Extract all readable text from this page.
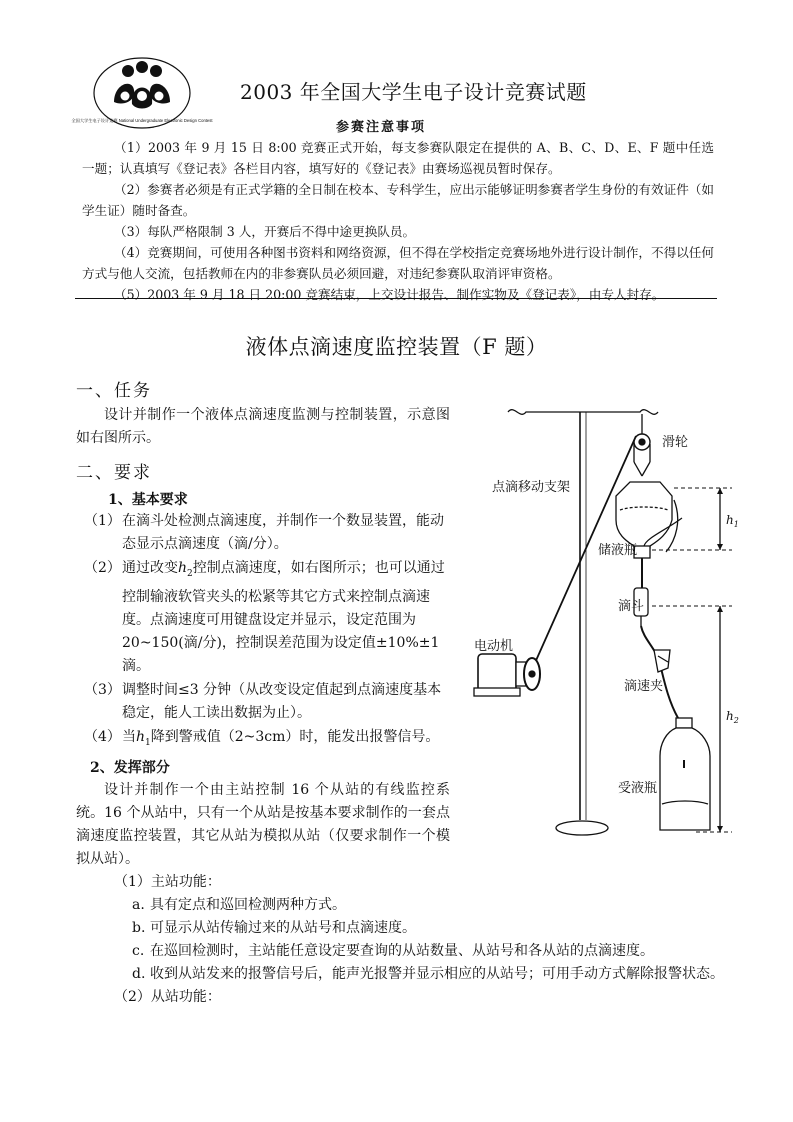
全国大学生电子设计竞赛 National Undergraduate Electronic Design Contest
2003 年全国大学生电子设计竞赛试题
参赛注意事项

（1）2003 年 9 月 15 日 8:00 竞赛正式开始，每支参赛队限定在提供的 A、B、C、D、E、F 题中任选一题；认真填写《登记表》各栏目内容，填写好的《登记表》由赛场巡视员暂时保存。

（2）参赛者必须是有正式学籍的全日制在校本、专科学生，应出示能够证明参赛者学生身份的有效证件（如学生证）随时备查。

（3）每队严格限制 3 人，开赛后不得中途更换队员。

（4）竞赛期间，可使用各种图书资料和网络资源，但不得在学校指定竞赛场地外进行设计制作，不得以任何方式与他人交流，包括教师在内的非参赛队员必须回避，对违纪参赛队取消评审资格。

（5）2003 年 9 月 18 日 20:00 竞赛结束，上交设计报告、制作实物及《登记表》，由专人封存。

液体点滴速度监控装置（F 题）
一、任务

设计并制作一个液体点滴速度监测与控制装置，示意图如右图所示。

二、要求
1、基本要求
（1） 在滴斗处检测点滴速度，并制作一个数显装置，能动态显示点滴速度（滴/分）。
（2） 通过改变$h_2$控制点滴速度，如右图所示；也可以通过控制输液软管夹头的松紧等其它方式来控制点滴速度。点滴速度可用键盘设定并显示，设定范围为 20~150(滴/分)，控制误差范围为设定值±10%±1 滴。
（3） 调整时间≤3 分钟（从改变设定值起到点滴速度基本稳定，能人工读出数据为止）。
（4） 当$h_1$降到警戒值（2~3cm）时，能发出报警信号。
2、发挥部分

设计并制作一个由主站控制 16 个从站的有线监控系统。16 个从站中，只有一个从站是按基本要求制作的一套点滴速度监控装置，其它从站为模拟从站（仅要求制作一个模拟从站）。

（1）主站功能：
a. 具有定点和巡回检测两种方式。
b. 可显示从站传输过来的从站号和点滴速度。
c. 在巡回检测时，主站能任意设定要查询的从站数量、从站号和各从站的点滴速度。
d. 收到从站发来的报警信号后，能声光报警并显示相应的从站号；可用手动方式解除报警状态。
（2）从站功能：
滑轮
点滴移动支架
储液瓶
滴斗
电动机
滴速夹
受液瓶
$h_1$
$h_2$
